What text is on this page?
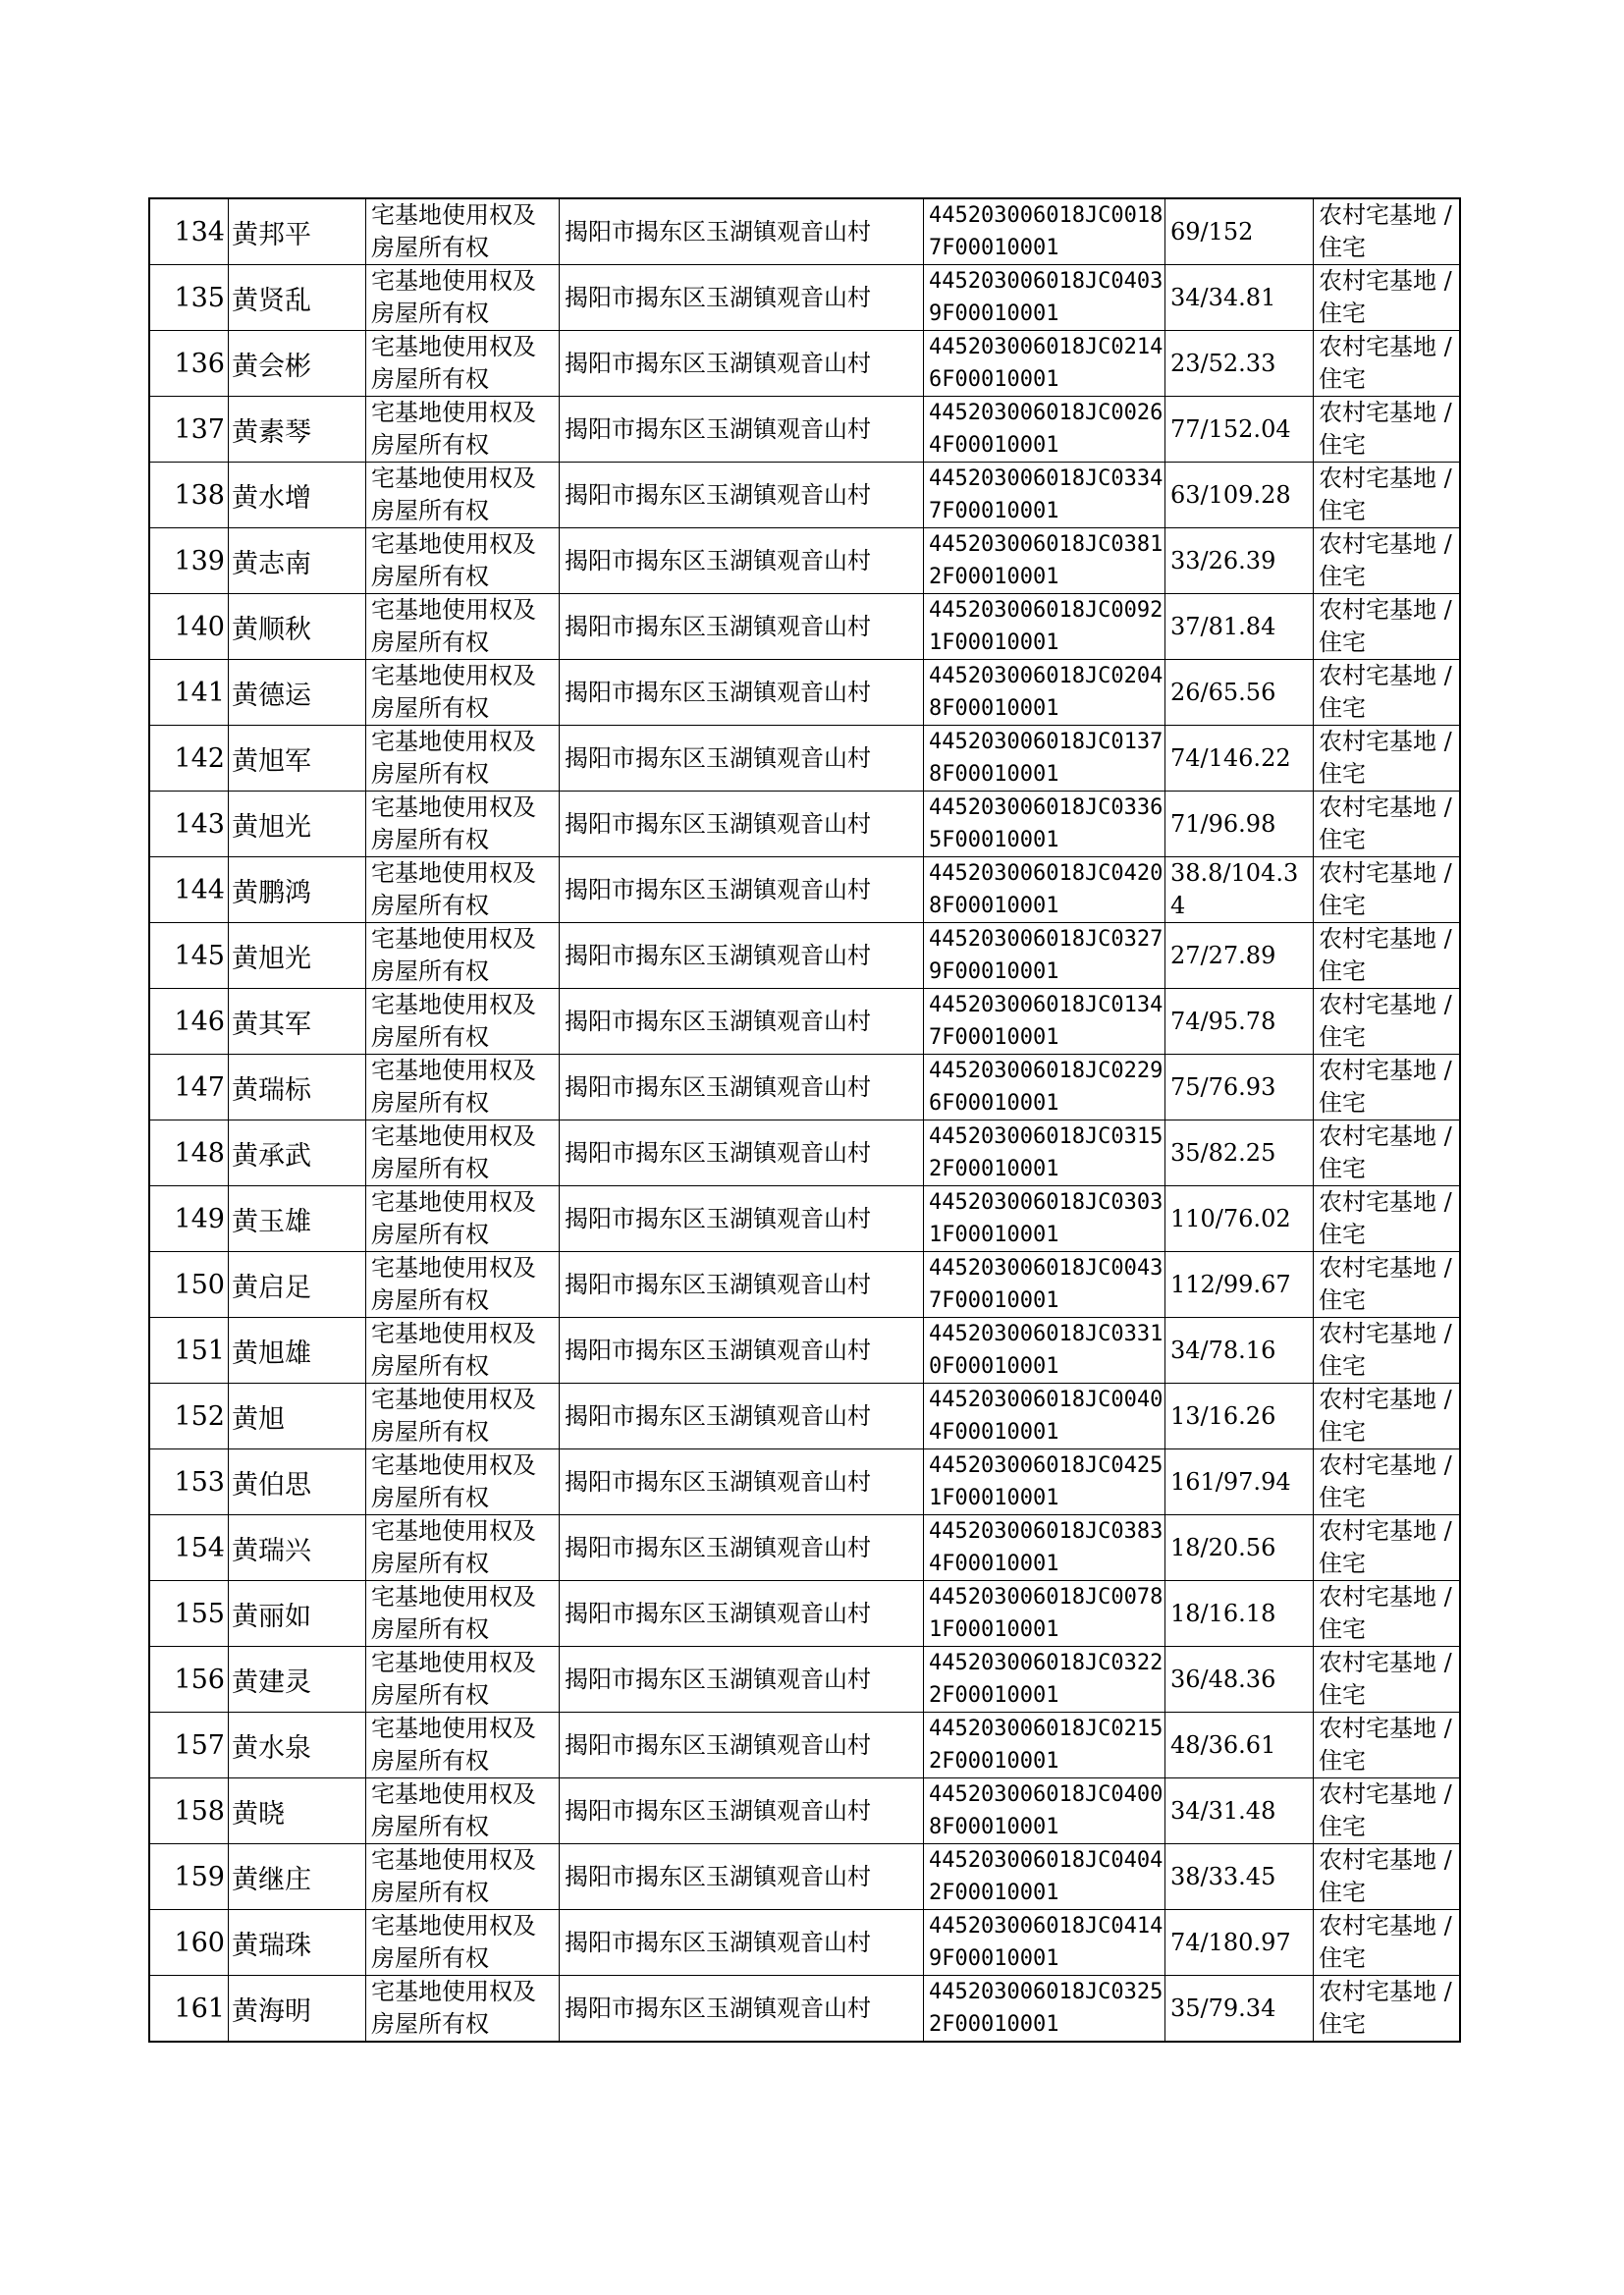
134	黄邦平	宅基地使用权及房屋所有权	揭阳市揭东区玉湖镇观音山村	445203006018JC00187F00010001	69/152	农村宅基地 / 住宅

135	黄贤乱	宅基地使用权及房屋所有权	揭阳市揭东区玉湖镇观音山村	445203006018JC04039F00010001	34/34.81	农村宅基地 / 住宅

136	黄会彬	宅基地使用权及房屋所有权	揭阳市揭东区玉湖镇观音山村	445203006018JC02146F00010001	23/52.33	农村宅基地 / 住宅

137	黄素琴	宅基地使用权及房屋所有权	揭阳市揭东区玉湖镇观音山村	445203006018JC00264F00010001	77/152.04	农村宅基地 / 住宅

138	黄水增	宅基地使用权及房屋所有权	揭阳市揭东区玉湖镇观音山村	445203006018JC03347F00010001	63/109.28	农村宅基地 / 住宅

139	黄志南	宅基地使用权及房屋所有权	揭阳市揭东区玉湖镇观音山村	445203006018JC03812F00010001	33/26.39	农村宅基地 / 住宅

140	黄顺秋	宅基地使用权及房屋所有权	揭阳市揭东区玉湖镇观音山村	445203006018JC00921F00010001	37/81.84	农村宅基地 / 住宅

141	黄德运	宅基地使用权及房屋所有权	揭阳市揭东区玉湖镇观音山村	445203006018JC02048F00010001	26/65.56	农村宅基地 / 住宅

142	黄旭军	宅基地使用权及房屋所有权	揭阳市揭东区玉湖镇观音山村	445203006018JC01378F00010001	74/146.22	农村宅基地 / 住宅

143	黄旭光	宅基地使用权及房屋所有权	揭阳市揭东区玉湖镇观音山村	445203006018JC03365F00010001	71/96.98	农村宅基地 / 住宅

144	黄鹏鸿	宅基地使用权及房屋所有权	揭阳市揭东区玉湖镇观音山村	445203006018JC04208F00010001	38.8/104.34	农村宅基地 / 住宅

145	黄旭光	宅基地使用权及房屋所有权	揭阳市揭东区玉湖镇观音山村	445203006018JC03279F00010001	27/27.89	农村宅基地 / 住宅

146	黄其军	宅基地使用权及房屋所有权	揭阳市揭东区玉湖镇观音山村	445203006018JC01347F00010001	74/95.78	农村宅基地 / 住宅

147	黄瑞标	宅基地使用权及房屋所有权	揭阳市揭东区玉湖镇观音山村	445203006018JC02296F00010001	75/76.93	农村宅基地 / 住宅

148	黄承武	宅基地使用权及房屋所有权	揭阳市揭东区玉湖镇观音山村	445203006018JC03152F00010001	35/82.25	农村宅基地 / 住宅

149	黄玉雄	宅基地使用权及房屋所有权	揭阳市揭东区玉湖镇观音山村	445203006018JC03031F00010001	110/76.02	农村宅基地 / 住宅

150	黄启足	宅基地使用权及房屋所有权	揭阳市揭东区玉湖镇观音山村	445203006018JC00437F00010001	112/99.67	农村宅基地 / 住宅

151	黄旭雄	宅基地使用权及房屋所有权	揭阳市揭东区玉湖镇观音山村	445203006018JC03310F00010001	34/78.16	农村宅基地 / 住宅

152	黄旭	宅基地使用权及房屋所有权	揭阳市揭东区玉湖镇观音山村	445203006018JC00404F00010001	13/16.26	农村宅基地 / 住宅

153	黄伯思	宅基地使用权及房屋所有权	揭阳市揭东区玉湖镇观音山村	445203006018JC04251F00010001	161/97.94	农村宅基地 / 住宅

154	黄瑞兴	宅基地使用权及房屋所有权	揭阳市揭东区玉湖镇观音山村	445203006018JC03834F00010001	18/20.56	农村宅基地 / 住宅

155	黄丽如	宅基地使用权及房屋所有权	揭阳市揭东区玉湖镇观音山村	445203006018JC00781F00010001	18/16.18	农村宅基地 / 住宅

156	黄建灵	宅基地使用权及房屋所有权	揭阳市揭东区玉湖镇观音山村	445203006018JC03222F00010001	36/48.36	农村宅基地 / 住宅

157	黄水泉	宅基地使用权及房屋所有权	揭阳市揭东区玉湖镇观音山村	445203006018JC02152F00010001	48/36.61	农村宅基地 / 住宅

158	黄晓	宅基地使用权及房屋所有权	揭阳市揭东区玉湖镇观音山村	445203006018JC04008F00010001	34/31.48	农村宅基地 / 住宅

159	黄继庄	宅基地使用权及房屋所有权	揭阳市揭东区玉湖镇观音山村	445203006018JC04042F00010001	38/33.45	农村宅基地 / 住宅

160	黄瑞珠	宅基地使用权及房屋所有权	揭阳市揭东区玉湖镇观音山村	445203006018JC04149F00010001	74/180.97	农村宅基地 / 住宅

161	黄海明	宅基地使用权及房屋所有权	揭阳市揭东区玉湖镇观音山村	445203006018JC03252F00010001	35/79.34	农村宅基地 / 住宅
